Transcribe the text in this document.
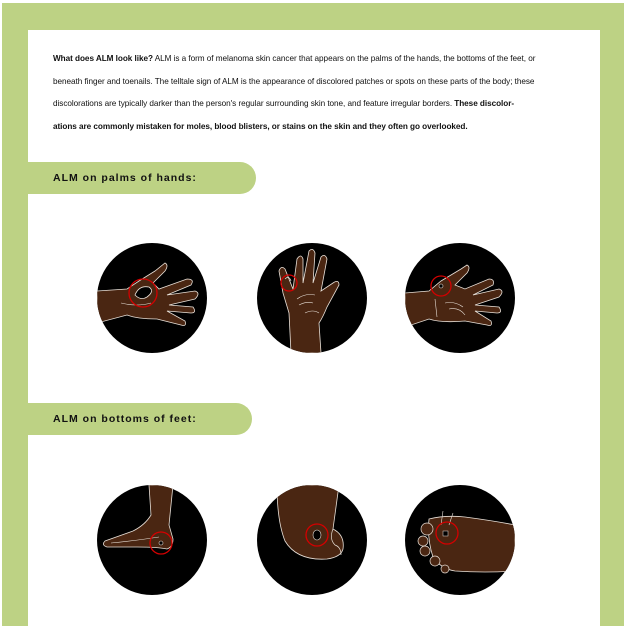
What does ALM look like? ALM is a form of melanoma skin cancer that appears on the palms of the hands, the bottoms of the feet, or
beneath finger and toenails. The telltale sign of ALM is the appearance of discolored patches or spots on these parts of the body; these
discolorations are typically darker than the person's regular surrounding skin tone, and feature irregular borders. These discolor-
ations are commonly mistaken for moles, blood blisters, or stains on the skin and they often go overlooked.
ALM on palms of hands:
ALM on bottoms of feet:
